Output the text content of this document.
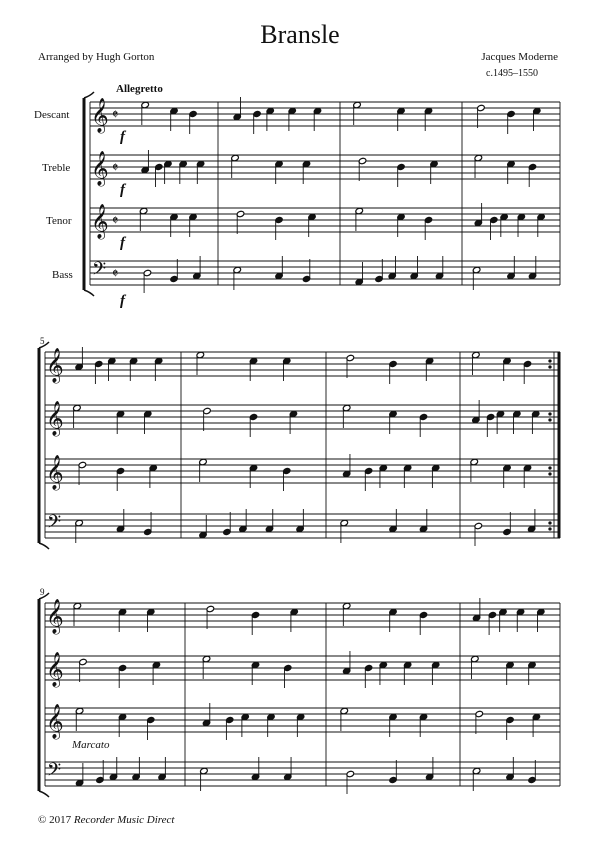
Bransle
Arranged by Hugh Gorton	Jacques Moderne
c.1495–1550
𝄞
𝄞
𝄞
𝄢
𝄵
𝄵
𝄵
𝄵
𝄞
𝄞
𝄞
𝄢
𝄞
𝄞
𝄞
𝄢
Descant
Treble
Tenor
Bass
Allegretto
f
f
f
f
5
9
Marcato
© 2017 Recorder Music Direct
